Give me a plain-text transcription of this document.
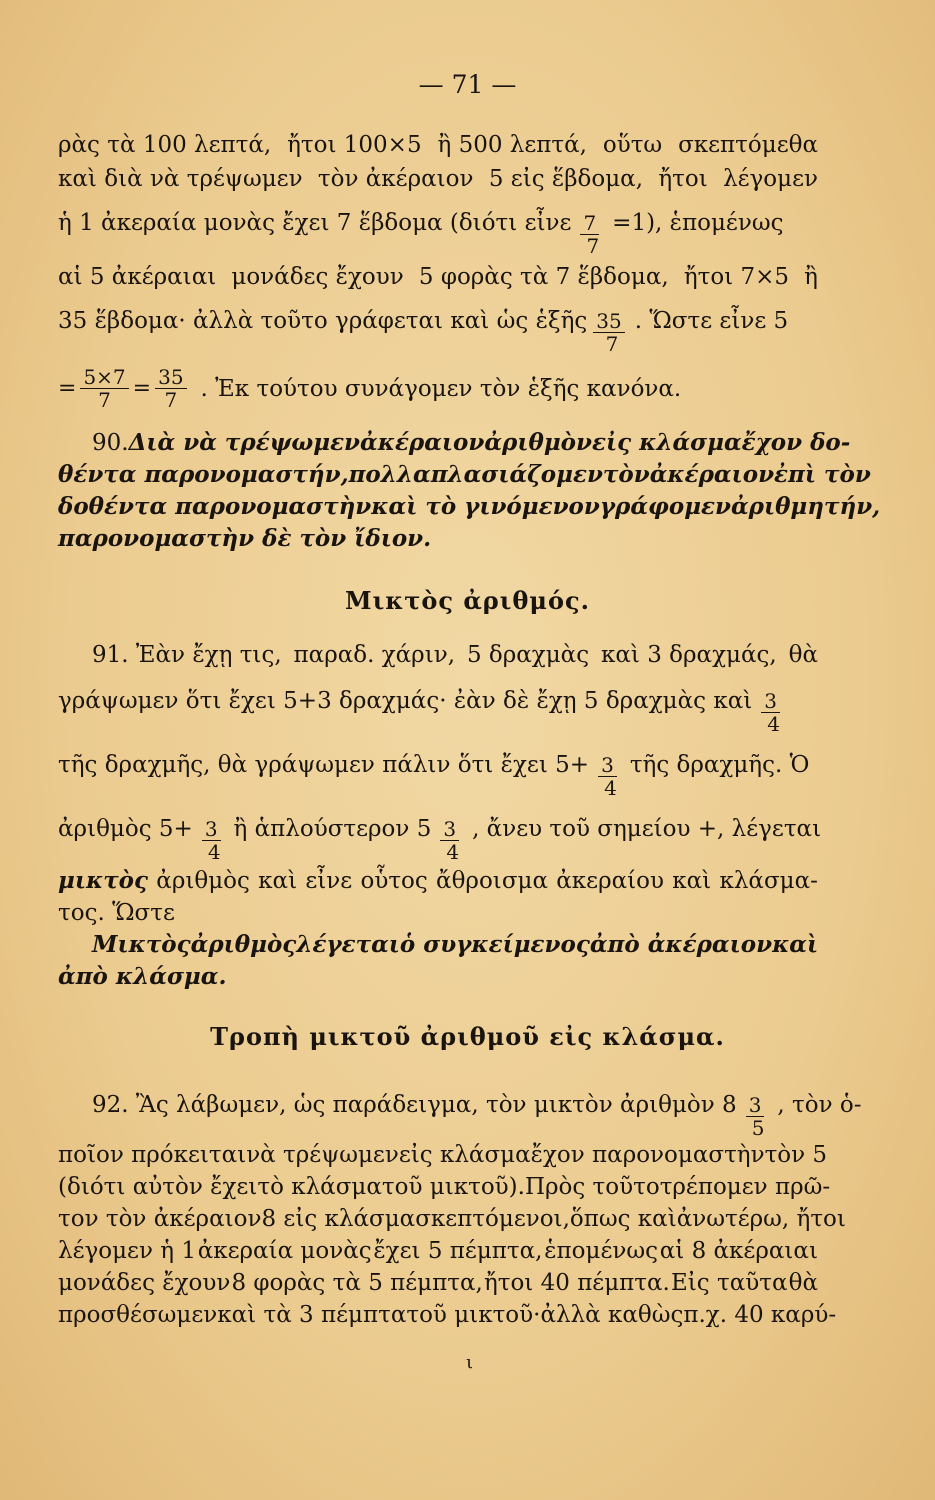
— 71 —
ρὰς τὰ 100 λεπτά, ἤτοι 100×5 ἢ 500 λεπτά, οὕτω σκεπτόμεθα
καὶ διὰ νὰ τρέψωμεν τὸν ἀκέραιον 5 εἰς ἕβδομα, ἤτοι λέγομεν
ἡ 1 ἀκεραία μονὰς ἔχει 7 ἕβδομα (διότι εἶνε $\frac{7}{7} =1$), ἑπομένως
αἱ 5 ἀκέραιαι μονάδες ἔχουν 5 φορὰς τὰ 7 ἕβδομα, ἤτοι 7×5 ἢ
35 ἕβδομα· ἀλλὰ τοῦτο γράφεται καὶ ὡς ἑξῆς $\frac{35}{7}$ . Ὥστε εἶνε 5
= $\frac{5\times 7}{7} = \frac{35}{7}$ . Ἐκ τούτου συνάγομεν τὸν ἑξῆς κανόνα.
90. Διὰ νὰ τρέψωμεν ἀκέραιον ἀριθμὸν εἰς κλάσμα ἔχον δο-
θέντα παρονομαστήν, πολλαπλασιάζομεν τὸν ἀκέραιον ἐπὶ τὸν
δοθέντα παρονομαστὴν καὶ τὸ γινόμενον γράφομεν ἀριθμητήν,
παρονομαστὴν δὲ τὸν ἴδιον.
Μικτὸς ἀριθμός.
91. Ἐὰν ἔχῃ τις, παραδ. χάριν, 5 δραχμὰς καὶ 3 δραχμάς, θὰ
γράψωμεν ὅτι ἔχει 5+3 δραχμάς· ἐὰν δὲ ἔχῃ 5 δραχμὰς καὶ $\frac{3}{4}$
τῆς δραχμῆς, θὰ γράψωμεν πάλιν ὅτι ἔχει $5+ \frac{3}{4}$ τῆς δραχμῆς. Ὁ
ἀριθμὸς $5+ \frac{3}{4}$ ἢ ἁπλούστερον $5 \frac{3}{4}$ , ἄνευ τοῦ σημείου +, λέγεται
μικτὸς ἀριθμὸς καὶ εἶνε οὗτος ἄθροισμα ἀκεραίου καὶ κλάσμα-
τος. Ὥστε
Μικτὸς ἀριθμὸς λέγεται ὁ συγκείμενος ἀπὸ ἀκέραιον καὶ
ἀπὸ κλάσμα.
Τροπὴ μικτοῦ ἀριθμοῦ εἰς κλάσμα.
92. Ἂς λάβωμεν, ὡς παράδειγμα, τὸν μικτὸν ἀριθμὸν $8 \frac{3}{5}$ , τὸν ὁ-
ποῖον πρόκειται νὰ τρέψωμεν εἰς κλάσμα ἔχον παρονομαστὴν τὸν 5
(διότι αὐτὸν ἔχει τὸ κλάσμα τοῦ μικτοῦ). Πρὸς τοῦτο τρέπομεν πρῶ-
τον τὸν ἀκέραιον 8 εἰς κλάσμα σκεπτόμενοι, ὅπως καὶ ἀνωτέρω, ἤτοι
λέγομεν ἡ 1 ἀκεραία μονὰς ἔχει 5 πέμπτα, ἑπομένως αἱ 8 ἀκέραιαι
μονάδες ἔχουν 8 φορὰς τὰ 5 πέμπτα, ἤτοι 40 πέμπτα. Εἰς ταῦτα θὰ
προσθέσωμεν καὶ τὰ 3 πέμπτα τοῦ μικτοῦ· ἀλλὰ καθὼς π.χ. 40 καρύ-
ι
